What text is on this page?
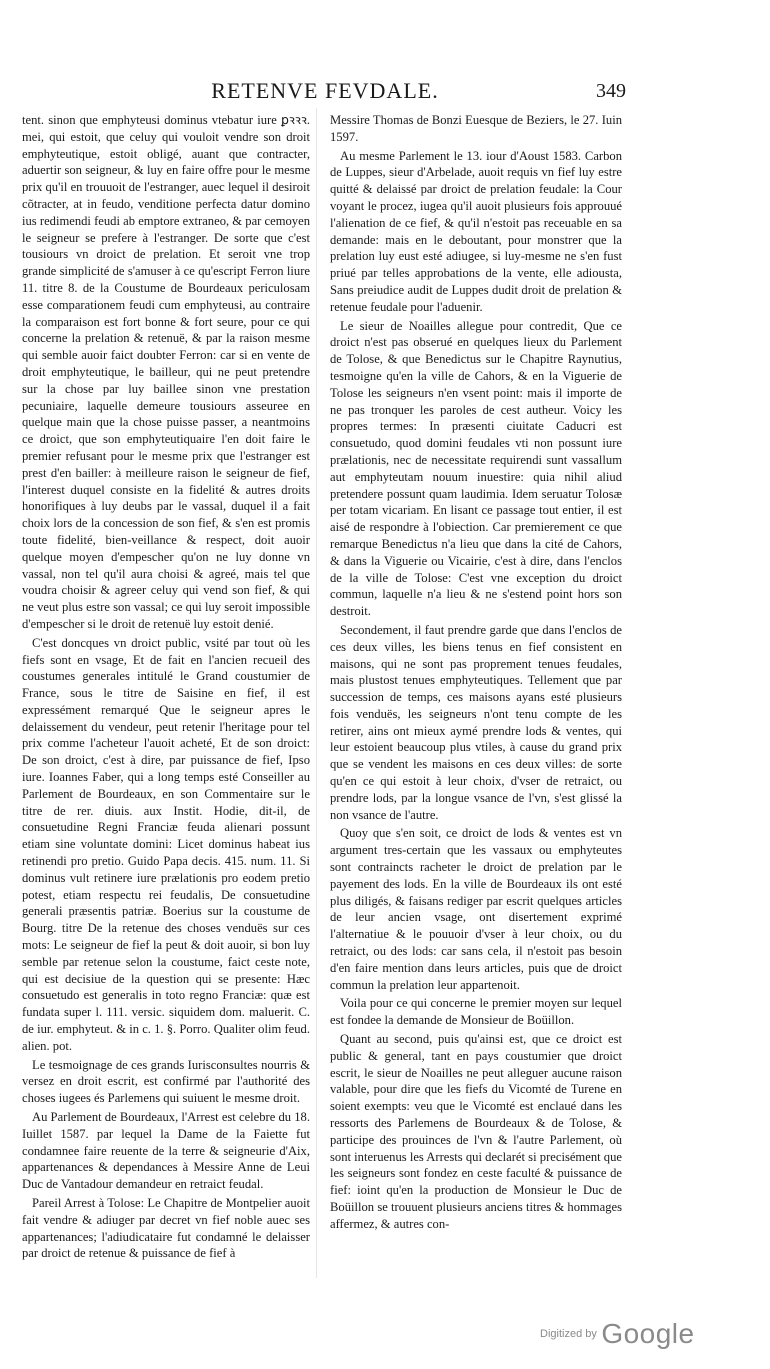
RETENVE FEVDALE.	349

tent. sinon que emphyteusi dominus vtebatur iure ꝑꝛꝛꝛ. mei, qui estoit, que celuy qui vouloit vendre son droit emphyteutique, estoit obligé, auant que contracter, aduertir son seigneur, & luy en faire offre pour le mesme prix qu'il en trouuoit de l'estranger, auec lequel il desiroit cõtracter, at in feudo, venditione perfecta datur domino ius redimendi feudi ab emptore extraneo, & par cemoyen le seigneur se prefere à l'estranger. De sorte que c'est tousiours vn droict de prelation. Et seroit vne trop grande simplicité de s'amuser à ce qu'escript Ferron liure 11. titre 8. de la Coustume de Bourdeaux periculosam esse comparationem feudi cum emphyteusi, au contraire la comparaison est fort bonne & fort seure, pour ce qui concerne la prelation & retenuë, & par la raison mesme qui semble auoir faict doubter Ferron: car si en vente de droit emphyteutique, le bailleur, qui ne peut pretendre sur la chose par luy baillee sinon vne prestation pecuniaire, laquelle demeure tousiours asseuree en quelque main que la chose puisse passer, a neantmoins ce droict, que son emphyteutiquaire l'en doit faire le premier refusant pour le mesme prix que l'estranger est prest d'en bailler: à meilleure raison le seigneur de fief, l'interest duquel consiste en la fidelité & autres droits honorifiques à luy deubs par le vassal, duquel il a fait choix lors de la concession de son fief, & s'en est promis toute fidelité, bien-veillance & respect, doit auoir quelque moyen d'empescher qu'on ne luy donne vn vassal, non tel qu'il aura choisi & agreé, mais tel que voudra choisir & agreer celuy qui vend son fief, & qui ne veut plus estre son vassal; ce qui luy seroit impossible d'empescher si le droit de retenuë luy estoit denié.

C'est doncques vn droict public, vsité par tout où les fiefs sont en vsage, Et de fait en l'ancien recueil des coustumes generales intitulé le Grand coustumier de France, sous le titre de Saisine en fief, il est expressément remarqué Que le seigneur apres le delaissement du vendeur, peut retenir l'heritage pour tel prix comme l'acheteur l'auoit acheté, Et de son droict: De son droict, c'est à dire, par puissance de fief, Ipso iure. Ioannes Faber, qui a long temps esté Conseiller au Parlement de Bourdeaux, en son Commentaire sur le titre de rer. diuis. aux Instit. Hodie, dit-il, de consuetudine Regni Franciæ feuda alienari possunt etiam sine voluntate domini: Licet dominus habeat ius retinendi pro pretio. Guido Papa decis. 415. num. 11. Si dominus vult retinere iure prælationis pro eodem pretio potest, etiam respectu rei feudalis, De consuetudine generali præsentis patriæ. Boerius sur la coustume de Bourg. titre De la retenue des choses venduës sur ces mots: Le seigneur de fief la peut & doit auoir, si bon luy semble par retenue selon la coustume, faict ceste note, qui est decisiue de la question qui se presente: Hæc consuetudo est generalis in toto regno Franciæ: quæ est fundata super l. 111. versic. siquidem dom. maluerit. C. de iur. emphyteut. & in c. 1. §. Porro. Qualiter olim feud. alien. pot.

Le tesmoignage de ces grands Iurisconsultes nourris & versez en droit escrit, est confirmé par l'authorité des choses iugees és Parlemens qui suiuent le mesme droit.

Au Parlement de Bourdeaux, l'Arrest est celebre du 18. Iuillet 1587. par lequel la Dame de la Faiette fut condamnee faire reuente de la terre & seigneurie d'Aix, appartenances & dependances à Messire Anne de Leui Duc de Vantadour demandeur en retraict feudal.

Pareil Arrest à Tolose: Le Chapitre de Montpelier auoit fait vendre & adiuger par decret vn fief noble auec ses appartenances; l'adiudicataire fut condamné le delaisser par droict de retenue & puissance de fief à

Messire Thomas de Bonzi Euesque de Beziers, le 27. Iuin 1597.

Au mesme Parlement le 13. iour d'Aoust 1583. Carbon de Luppes, sieur d'Arbelade, auoit requis vn fief luy estre quitté & delaissé par droict de prelation feudale: la Cour voyant le procez, iugea qu'il auoit plusieurs fois approuué l'alienation de ce fief, & qu'il n'estoit pas receuable en sa demande: mais en le deboutant, pour monstrer que la prelation luy eust esté adiugee, si luy-mesme ne s'en fust priué par telles approbations de la vente, elle adiousta, Sans preiudice audit de Luppes dudit droit de prelation & retenue feudale pour l'aduenir.

Le sieur de Noailles allegue pour contredit, Que ce droict n'est pas obserué en quelques lieux du Parlement de Tolose, & que Benedictus sur le Chapitre Raynutius, tesmoigne qu'en la ville de Cahors, & en la Viguerie de Tolose les seigneurs n'en vsent point: mais il importe de ne pas tronquer les paroles de cest autheur. Voicy les propres termes: In præsenti ciuitate Caducri est consuetudo, quod domini feudales vti non possunt iure prælationis, nec de necessitate requirendi sunt vassallum aut emphyteutam nouum inuestire: quia nihil aliud pretendere possunt quam laudimia. Idem seruatur Tolosæ per totam vicariam. En lisant ce passage tout entier, il est aisé de respondre à l'obiection. Car premierement ce que remarque Benedictus n'a lieu que dans la cité de Cahors, & dans la Viguerie ou Vicairie, c'est à dire, dans l'enclos de la ville de Tolose: C'est vne exception du droict commun, laquelle n'a lieu & ne s'estend point hors son destroit.

Secondement, il faut prendre garde que dans l'enclos de ces deux villes, les biens tenus en fief consistent en maisons, qui ne sont pas proprement tenues feudales, mais plustost tenues emphyteutiques. Tellement que par succession de temps, ces maisons ayans esté plusieurs fois venduës, les seigneurs n'ont tenu compte de les retirer, ains ont mieux aymé prendre lods & ventes, qui leur estoient beaucoup plus vtiles, à cause du grand prix que se vendent les maisons en ces deux villes: de sorte qu'en ce qui estoit à leur choix, d'vser de retraict, ou prendre lods, par la longue vsance de l'vn, s'est glissé la non vsance de l'autre.

Quoy que s'en soit, ce droict de lods & ventes est vn argument tres-certain que les vassaux ou emphyteutes sont contraincts racheter le droict de prelation par le payement des lods. En la ville de Bourdeaux ils ont esté plus diligés, & faisans rediger par escrit quelques articles de leur ancien vsage, ont disertement exprimé l'alternatiue & le pouuoir d'vser à leur choix, ou du retraict, ou des lods: car sans cela, il n'estoit pas besoin d'en faire mention dans leurs articles, puis que de droict commun la prelation leur appartenoit.

Voila pour ce qui concerne le premier moyen sur lequel est fondee la demande de Monsieur de Boüillon.

Quant au second, puis qu'ainsi est, que ce droict est public & general, tant en pays coustumier que droict escrit, le sieur de Noailles ne peut alleguer aucune raison valable, pour dire que les fiefs du Vicomté de Turene en soient exempts: veu que le Vicomté est enclaué dans les ressorts des Parlemens de Bourdeaux & de Tolose, & participe des prouinces de l'vn & l'autre Parlement, où sont interuenus les Arrests qui declarét si precisément que les seigneurs sont fondez en ceste faculté & puissance de fief: ioint qu'en la production de Monsieur le Duc de Boüillon se trouuent plusieurs anciens titres & hommages affermez, & autres con-

Digitized by Google
